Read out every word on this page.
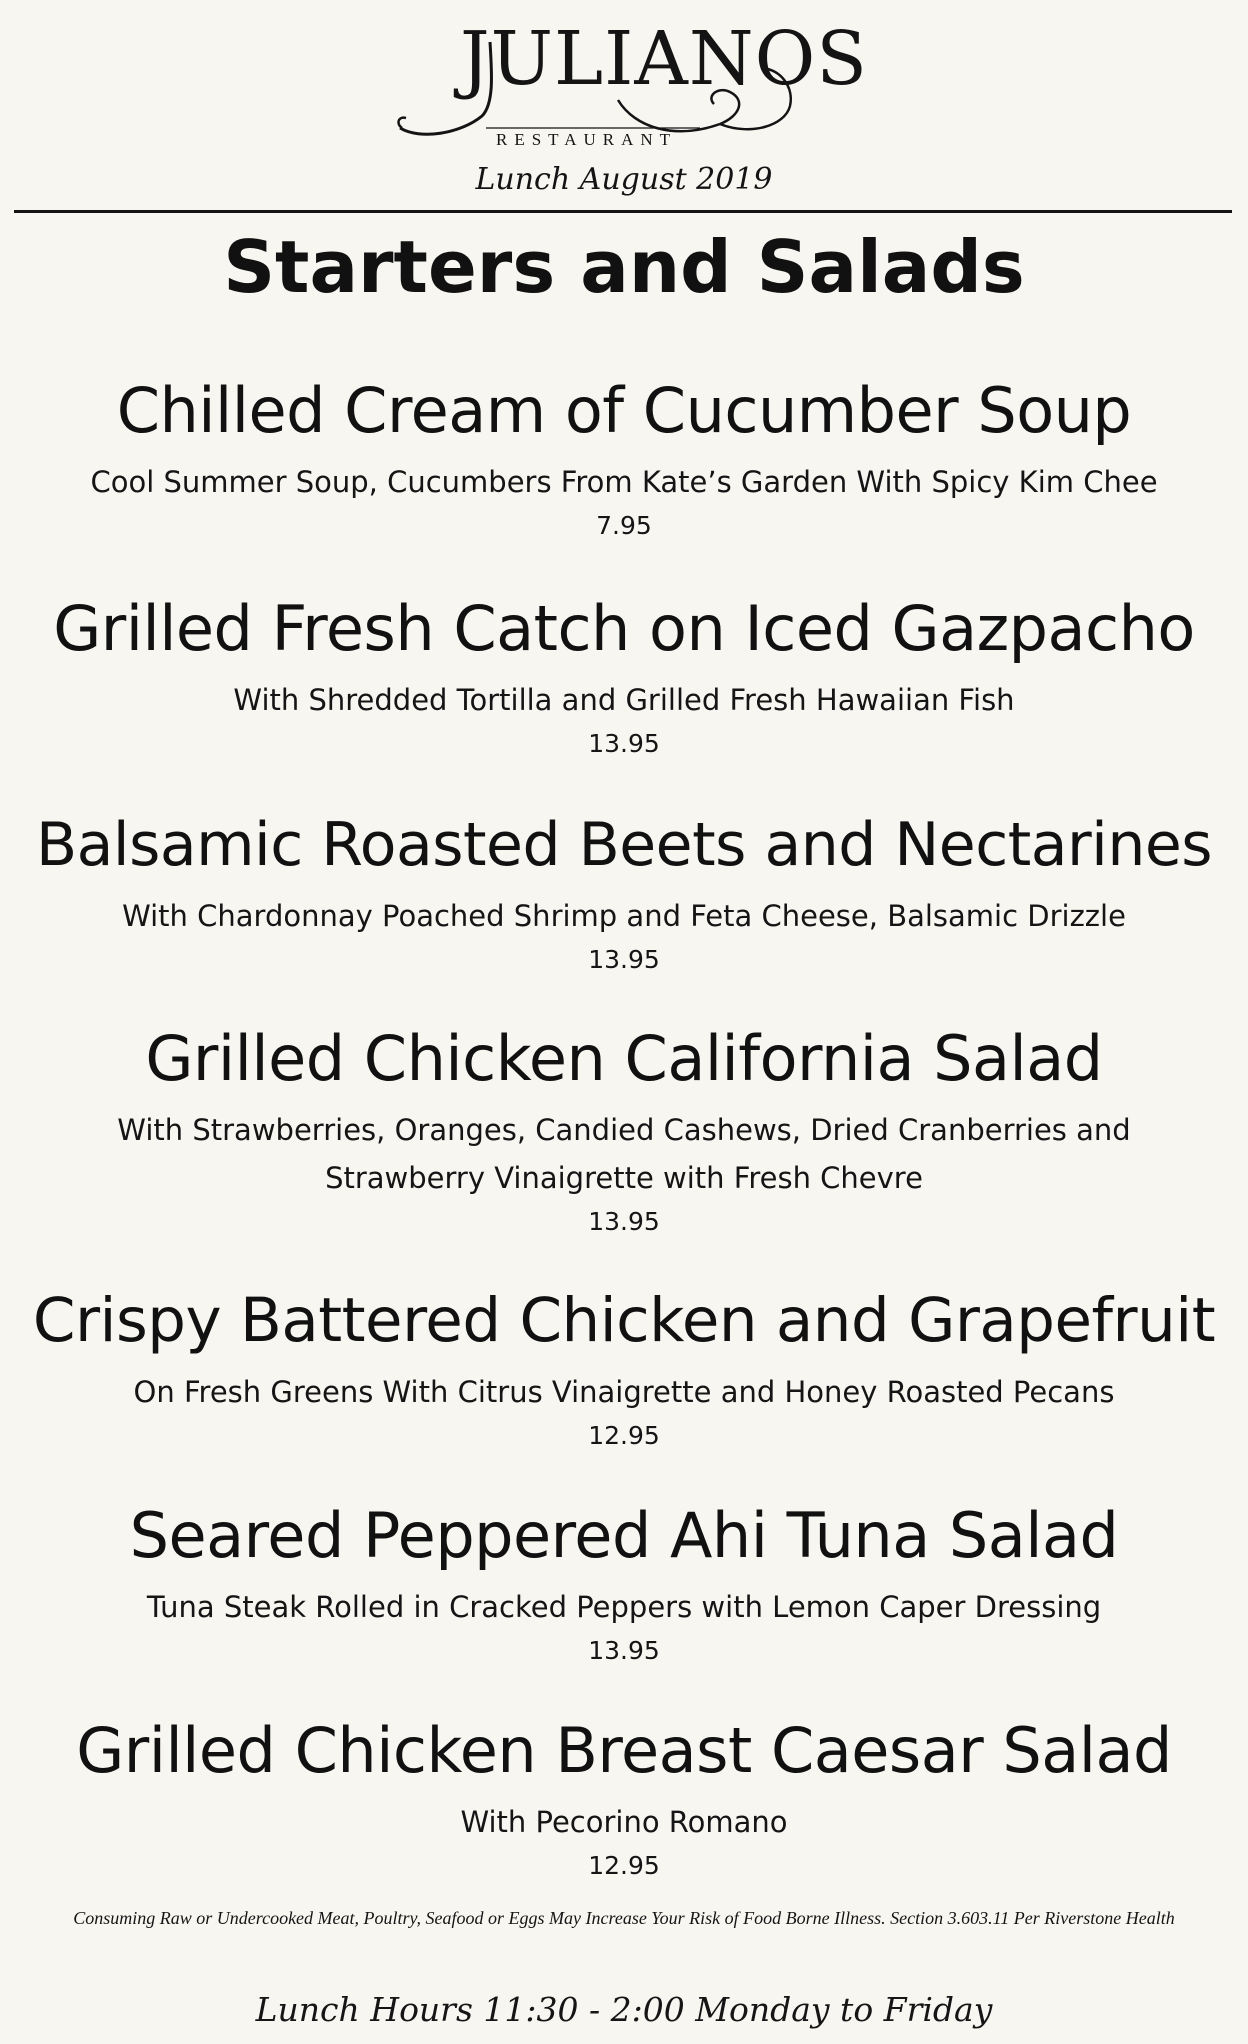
JULIANOS
RESTAURANT
Lunch August 2019
Starters and Salads
Chilled Cream of Cucumber Soup
Cool Summer Soup, Cucumbers From Kate’s Garden With Spicy Kim Chee
7.95
Grilled Fresh Catch on Iced Gazpacho
With Shredded Tortilla and Grilled Fresh Hawaiian Fish
13.95
Balsamic Roasted Beets and Nectarines
With Chardonnay Poached Shrimp and Feta Cheese, Balsamic Drizzle
13.95
Grilled Chicken California Salad
With Strawberries, Oranges, Candied Cashews, Dried Cranberries and Strawberry Vinaigrette with Fresh Chevre
13.95
Crispy Battered Chicken and Grapefruit
On Fresh Greens With Citrus Vinaigrette and Honey Roasted Pecans
12.95
Seared Peppered Ahi Tuna Salad
Tuna Steak Rolled in Cracked Peppers with Lemon Caper Dressing
13.95
Grilled Chicken Breast Caesar Salad
With Pecorino Romano
12.95
Consuming Raw or Undercooked Meat, Poultry, Seafood or Eggs May Increase Your Risk of Food Borne Illness. Section 3.603.11 Per Riverstone Health
Lunch Hours 11:30 - 2:00 Monday to Friday
